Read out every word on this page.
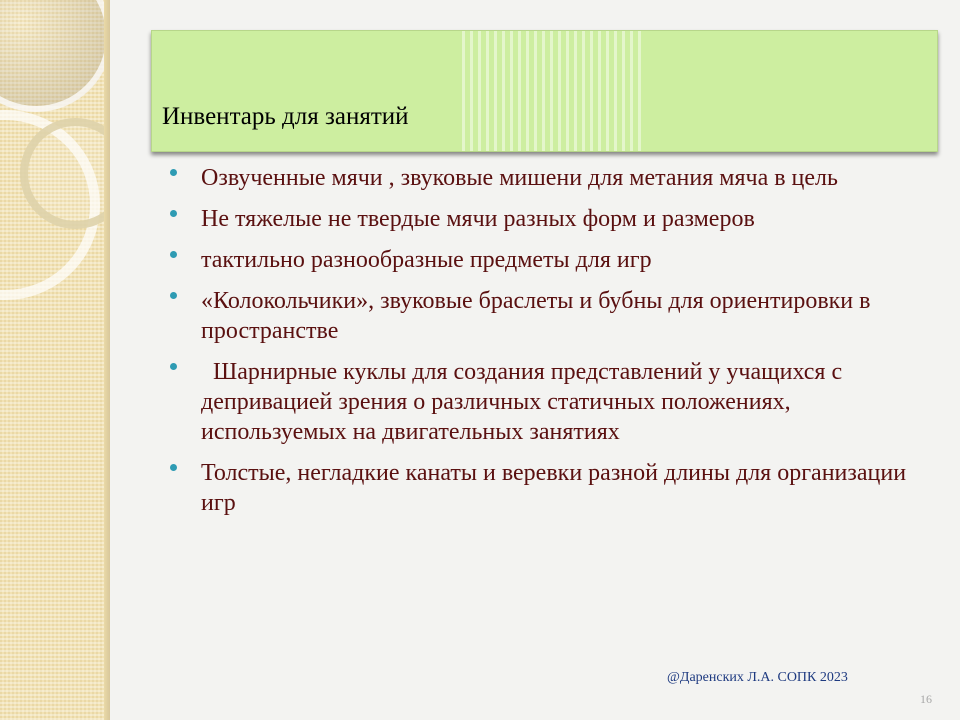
Инвентарь для занятий
Озвученные мячи , звуковые мишени для метания мяча в цель
Не тяжелые не твердые мячи разных форм и размеров
тактильно разнообразные предметы для игр
«Колокольчики», звуковые браслеты и бубны для ориентировки в пространстве
Шарнирные куклы для создания представлений у учащихся с депривацией зрения о различных статичных положениях, используемых на двигательных занятиях
Толстые, негладкие канаты и веревки разной длины для организации игр
@Даренских Л.А. СОПК 2023
16
